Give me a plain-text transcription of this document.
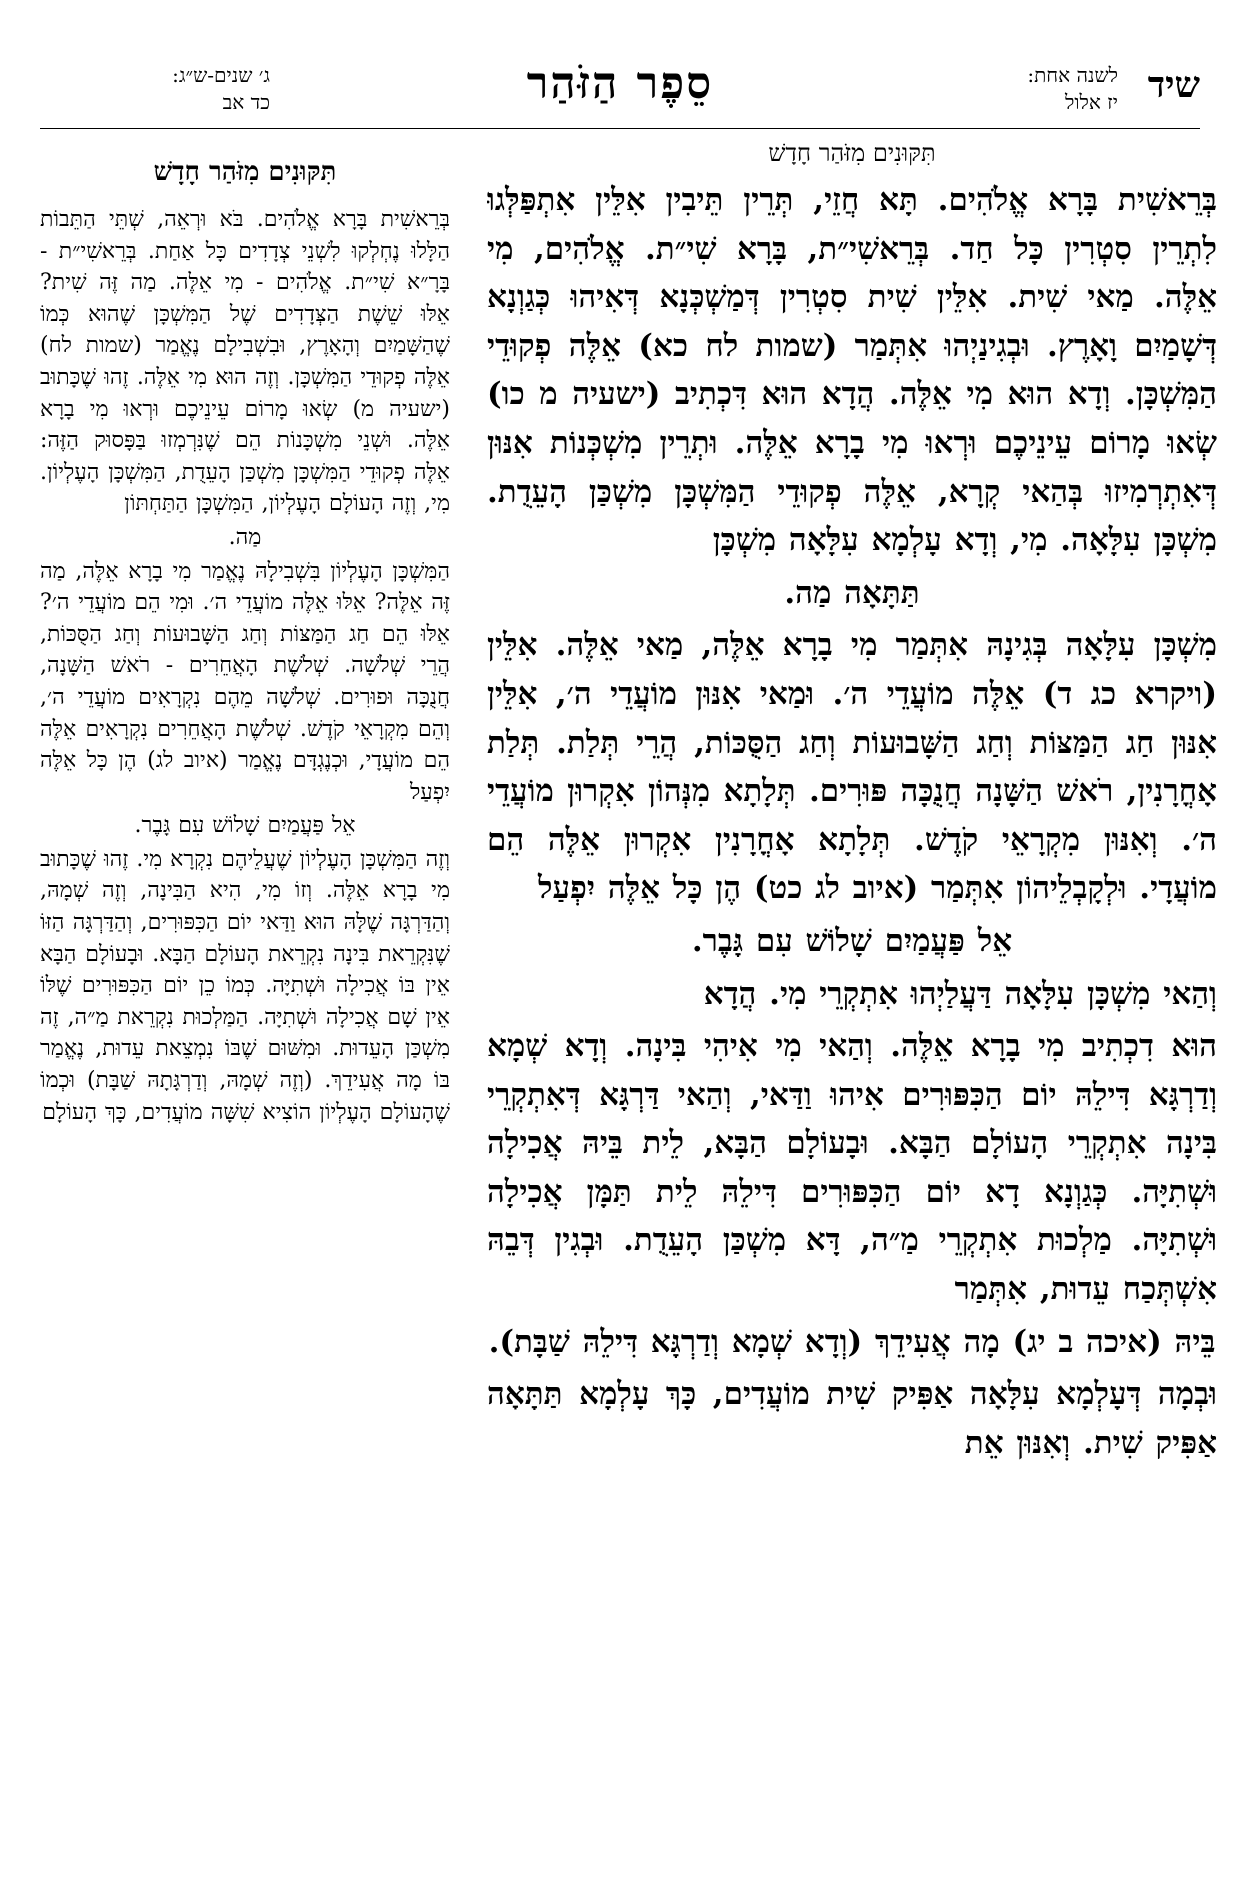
שיד
לשנה אחת:
יז אלול
סֵפֶר הַזֹּהַר
ג׳ שנים-ש״ג:
כד אב
תִּקּוּנִים מִזֹּהַר חָדָשׁ

בְּרֵאשִׁית בָּרָא אֱלֹהִים. תָּא חֲזֵי, תְּרֵין תֵּיבִין אִלֵּין אִתְפַּלְּגוּ לִתְרֵין סִטְרִין כָּל חַד. בְּרֵאשִׁי״ת, בָּרָא שִׁי״ת. אֱלֹהִים, מִי אֵלֶּה. מַאי שִׁית. אִלֵּין שִׁית סִטְרִין דְּמַשְׁכְּנָא דְּאִיהוּ כְּגַוְנָא דְּשָׁמַיִם וָאָרֶץ. וּבְגִינַיְהוּ אִתְּמַר (שמות לח כא) אֵלֶּה פְקוּדֵי הַמִּשְׁכָּן. וְדָא הוּא מִי אֵלֶּה. הֲדָא הוּא דִּכְתִיב (ישעיה מ כו) שְׂאוּ מָרוֹם עֵינֵיכֶם וּרְאוּ מִי בָרָא אֵלֶּה. וּתְרֵין מִשְׁכְּנוֹת אִנּוּן דְּאִתְרְמִיזוּ בְּהַאי קְרָא, אֵלֶּה פְקוּדֵי הַמִּשְׁכָּן מִשְׁכַּן הָעֵדֻת. מִשְׁכָּן עִלָּאָה. מִי, וְדָא עָלְמָא עִלָּאָה מִשְׁכָּן

תַּתָּאָה מַה.

מִשְׁכָּן עִלָּאָה בְּגִינָהּ אִתְּמַר מִי בָרָא אֵלֶּה, מַאי אֵלֶּה. אִלֵּין (ויקרא כג ד) אֵלֶּה מוֹעֲדֵי ה׳. וּמַאי אִנּוּן מוֹעֲדֵי ה׳, אִלֵּין אִנּוּן חַג הַמַּצּוֹת וְחַג הַשָּׁבוּעוֹת וְחַג הַסֻּכּוֹת, הֲרֵי תְּלַת. תְּלַת אָחֳרָנִין, רֹאשׁ הַשָּׁנָה חֲנֻכָּה פּוּרִים. תְּלָתָא מִנְּהוֹן אִקְרוּן מוֹעֲדֵי ה׳. וְאִנּוּן מִקְרָאֵי קֹדֶשׁ. תְּלָתָא אָחֳרָנִין אִקְרוּן אֵלֶּה הֵם מוֹעֲדָי. וּלְקָבְלֵיהוֹן אִתְּמַר (איוב לג כט) הֶן כָּל אֵלֶּה יִפְעַל

אֵל פַּעֲמַיִם שָׁלוֹשׁ עִם גָּבֶר.

וְהַאי מִשְׁכָּן עִלָּאָה דַּעֲלַיְהוּ אִתְקְרֵי מִי. הֲדָא

הוּא דִכְתִיב מִי בָרָא אֵלֶּה. וְהַאי מִי אִיהִי בִּינָה. וְדָא שְׁמָא וְדַרְגָּא דִּילֵהּ יוֹם הַכִּפּוּרִים אִיהוּ וַדַּאי, וְהַאי דַּרְגָּא דְּאִתְקְרֵי בִּינָה אִתְקְרֵי הָעוֹלָם הַבָּא. וּבָעוֹלָם הַבָּא, לֵית בֵּיהּ אֲכִילָה וּשְׁתִיָּה. כְּגַוְנָא דָא יוֹם הַכִּפּוּרִים דִּילֵהּ לֵית תַּמָּן אֲכִילָה וּשְׁתִיָּה. מַלְכוּת אִתְקְרֵי מַ״ה, דָּא מִשְׁכַּן הָעֵדֻת. וּבְגִין דְּבֵהּ אִשְׁתְּכַח עֵדוּת, אִתְּמַר

בֵּיהּ (איכה ב יג) מָה אֲעִידֵךְ (וְדָא שְׁמָא וְדַרְגָּא דִּילֵהּ שַׁבָּת).

וּבְמָה דְּעָלְמָא עִלָּאָה אַפִּיק שִׁית מוֹעֲדִים, כָּךְ עָלְמָא תַּתָּאָה אַפִּיק שִׁית. וְאִנּוּן אֵת

תִּקּוּנִים מִזֹּהַר חָדָשׁ

בְּרֵאשִׁית בָּרָא אֱלֹהִים. בֹּא וּרְאֵה, שְׁתֵּי הַתֵּבוֹת הַלָּלוּ נֶחְלְקוּ לִשְׁנֵי צְדָדִים כָּל אַחַת. בְּרֵאשִׁי״ת - בָּרָ״א שִׁי״ת. אֱלֹהִים - מִי אֵלֶּה. מַה זֶּה שִׁית? אֵלּוּ שֵׁשֶׁת הַצְּדָדִים שֶׁל הַמִּשְׁכָּן שֶׁהוּא כְּמוֹ שֶׁהַשָּׁמַיִם וְהָאָרֶץ, וּבִשְׁבִילָם נֶאֱמַר (שמות לח) אֵלֶּה פְקוּדֵי הַמִּשְׁכָּן. וְזֶה הוּא מִי אֵלֶּה. זֶהוּ שֶׁכָּתוּב (ישעיה מ) שְׂאוּ מָרוֹם עֵינֵיכֶם וּרְאוּ מִי בָרָא אֵלֶּה. וּשְׁנֵי מִשְׁכָּנוֹת הֵם שֶׁנִּרְמְזוּ בַּפָּסוּק הַזֶּה: אֵלֶּה פְקוּדֵי הַמִּשְׁכָּן מִשְׁכַּן הָעֵדֻת, הַמִּשְׁכָּן הָעֶלְיוֹן. מִי, וְזֶה הָעוֹלָם הָעֶלְיוֹן, הַמִּשְׁכָּן הַתַּחְתּוֹן

מַה.

הַמִּשְׁכָּן הָעֶלְיוֹן בִּשְׁבִילָהּ נֶאֱמַר מִי בָרָא אֵלֶּה, מַה זֶּה אֵלֶּה? אֵלּוּ אֵלֶּה מוֹעֲדֵי ה׳. וּמִי הֵם מוֹעֲדֵי ה׳? אֵלּוּ הֵם חַג הַמַּצּוֹת וְחַג הַשָּׁבוּעוֹת וְחַג הַסֻּכּוֹת, הֲרֵי שְׁלֹשָׁה. שְׁלֹשֶׁת הָאֲחֵרִים - רֹאשׁ הַשָּׁנָה, חֲנֻכָּה וּפוּרִים. שְׁלֹשָׁה מֵהֶם נִקְרָאִים מוֹעֲדֵי ה׳, וְהֵם מִקְרָאֵי קֹדֶשׁ. שְׁלֹשֶׁת הָאֲחֵרִים נִקְרָאִים אֵלֶּה הֵם מוֹעֲדָי, וּכְנֶגְדָּם נֶאֱמַר (איוב לג) הֶן כָּל אֵלֶּה יִפְעַל

אֵל פַּעֲמַיִם שָׁלוֹשׁ עִם גָּבֶר.

וְזֶה הַמִּשְׁכָּן הָעֶלְיוֹן שֶׁעֲלֵיהֶם נִקְרָא מִי. זֶהוּ שֶׁכָּתוּב מִי בָרָא אֵלֶּה. וְזוֹ מִי, הִיא הַבִּינָה, וְזֶה שְׁמָהּ, וְהַדַּרְגָּה שֶׁלָּהּ הוּא וַדַּאי יוֹם הַכִּפּוּרִים, וְהַדַּרְגָּה הַזּוֹ שֶׁנִּקְרֵאת בִּינָה נִקְרֵאת הָעוֹלָם הַבָּא. וּבָעוֹלָם הַבָּא אֵין בּוֹ אֲכִילָה וּשְׁתִיָּה. כְּמוֹ כֵן יוֹם הַכִּפּוּרִים שֶׁלּוֹ אֵין שָׁם אֲכִילָה וּשְׁתִיָּה. הַמַּלְכוּת נִקְרֵאת מַ״ה, זֶה מִשְׁכַּן הָעֵדוּת. וּמִשּׁוּם שֶׁבּוֹ נִמְצֵאת עֵדוּת, נֶאֱמַר בּוֹ מָה אֲעִידֵךְ. (וְזֶה שְׁמָהּ, וְדַרְגָּתָהּ שַׁבָּת) וּכְמוֹ שֶׁהָעוֹלָם הָעֶלְיוֹן הוֹצִיא שִׁשָּׁה מוֹעֲדִים, כָּךְ הָעוֹלָם
